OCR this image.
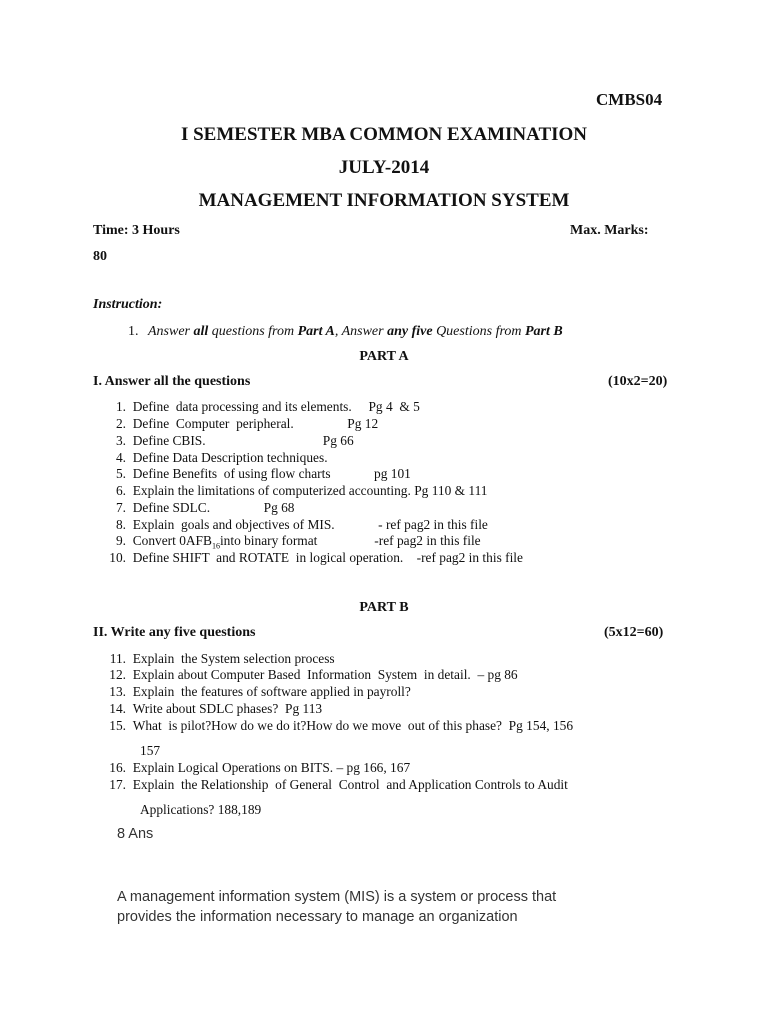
CMBS04
I SEMESTER MBA COMMON EXAMINATION
JULY-2014
MANAGEMENT INFORMATION SYSTEM
Time: 3 Hours	Max. Marks:
80
Instruction:
1. Answer all questions from Part A, Answer any five Questions from Part B
PART A
I. Answer all the questions	(10x2=20)
1. Define  data processing and its elements.     Pg 4  & 5
2. Define  Computer  peripheral.                Pg 12
3. Define CBIS.                                   Pg 66
4. Define Data Description techniques.
5. Define Benefits  of using flow charts             pg 101
6. Explain the limitations of computerized accounting. Pg 110 & 111
7. Define SDLC.                Pg 68
8. Explain  goals and objectives of MIS.             - ref pag2 in this file
9. Convert $0AFB_{16}into$ binary format                 -ref pag2 in this file
10. Define SHIFT  and ROTATE  in logical operation.    -ref pag2 in this file
PART B
II. Write any five questions	(5x12=60)
11. Explain  the System selection process
12. Explain about Computer Based  Information  System  in detail.  – pg 86
13. Explain  the features of software applied in payroll?
14. Write about SDLC phases?  Pg 113
15. What  is pilot?How do we do it?How do we move  out of this phase?  Pg 154, 156
157
16. Explain Logical Operations on BITS. – pg 166, 167
17. Explain  the Relationship  of General  Control  and Application Controls to Audit
Applications? 188,189
8 Ans
A management information system (MIS) is a system or process that
provides the information necessary to manage an organization
